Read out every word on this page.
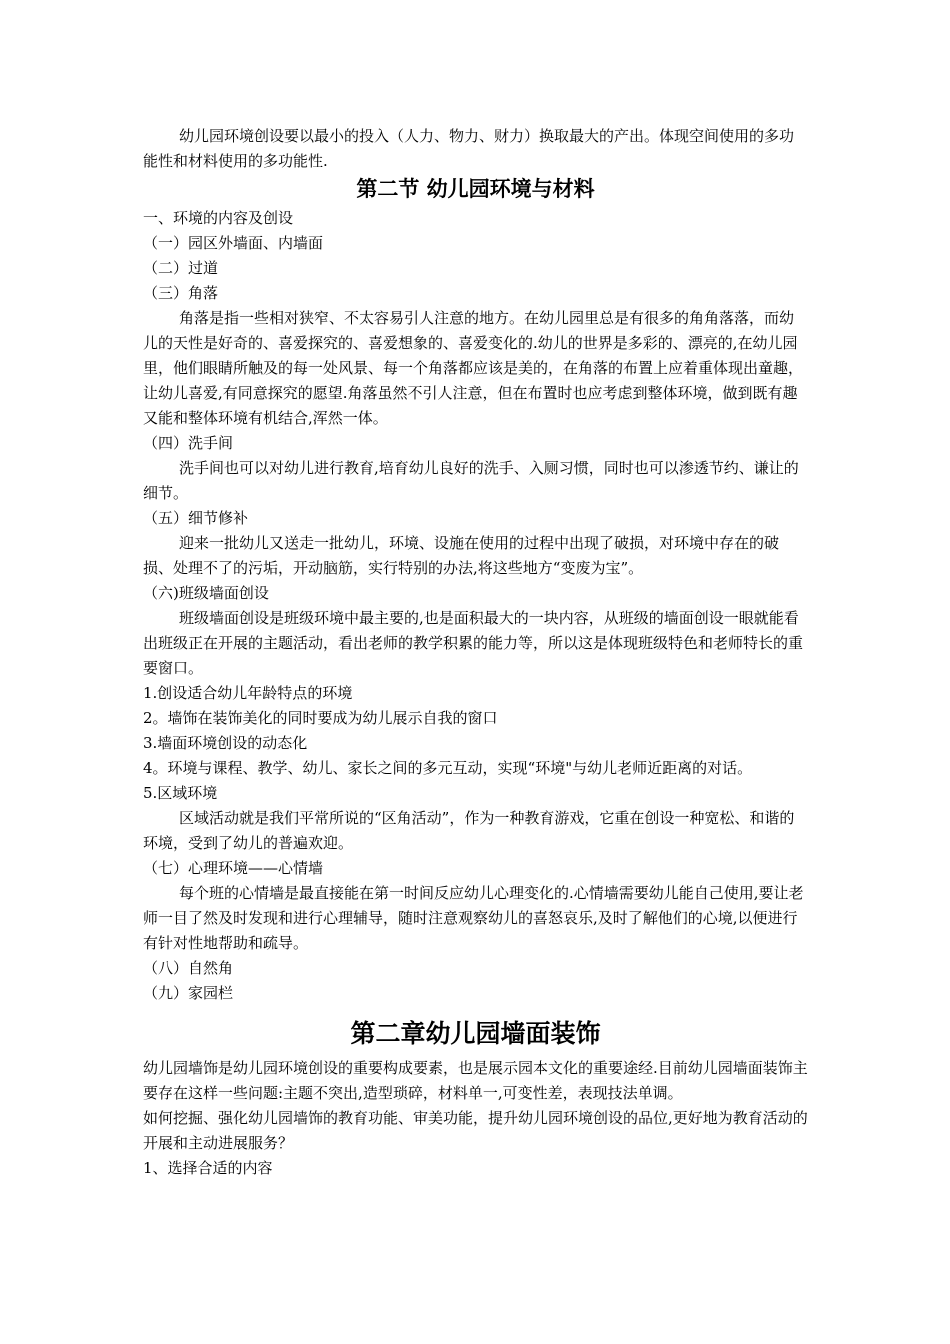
幼儿园环境创设要以最小的投入（人力、物力、财力）换取最大的产出。体现空间使用的多功能性和材料使用的多功能性.

第二节 幼儿园环境与材料

一、环境的内容及创设

（一）园区外墙面、内墙面

（二）过道

（三）角落

角落是指一些相对狭窄、不太容易引人注意的地方。在幼儿园里总是有很多的角角落落，而幼儿的天性是好奇的、喜爱探究的、喜爱想象的、喜爱变化的.幼儿的世界是多彩的、漂亮的,在幼儿园里，他们眼睛所触及的每一处风景、每一个角落都应该是美的，在角落的布置上应着重体现出童趣，让幼儿喜爱,有同意探究的愿望.角落虽然不引人注意，但在布置时也应考虑到整体环境，做到既有趣又能和整体环境有机结合,浑然一体。

（四）洗手间

洗手间也可以对幼儿进行教育,培育幼儿良好的洗手、入厕习惯，同时也可以渗透节约、谦让的细节。

（五）细节修补

迎来一批幼儿又送走一批幼儿，环境、设施在使用的过程中出现了破损，对环境中存在的破损、处理不了的污垢，开动脑筋，实行特别的办法,将这些地方“变废为宝”。

（六)班级墙面创设

班级墙面创设是班级环境中最主要的,也是面积最大的一块内容，从班级的墙面创设一眼就能看出班级正在开展的主题活动，看出老师的教学积累的能力等，所以这是体现班级特色和老师特长的重要窗口。

1.创设适合幼儿年龄特点的环境

2。墙饰在装饰美化的同时要成为幼儿展示自我的窗口

3.墙面环境创设的动态化

4。环境与课程、教学、幼儿、家长之间的多元互动，实现“环境"与幼儿老师近距离的对话。

5.区域环境

区域活动就是我们平常所说的“区角活动”，作为一种教育游戏，它重在创设一种宽松、和谐的环境，受到了幼儿的普遍欢迎。

（七）心理环境——心情墙

每个班的心情墙是最直接能在第一时间反应幼儿心理变化的.心情墙需要幼儿能自己使用,要让老师一目了然及时发现和进行心理辅导，随时注意观察幼儿的喜怒哀乐,及时了解他们的心境,以便进行有针对性地帮助和疏导。

（八）自然角

（九）家园栏

第二章幼儿园墙面装饰

幼儿园墙饰是幼儿园环境创设的重要构成要素，也是展示园本文化的重要途经.目前幼儿园墙面装饰主要存在这样一些问题:主题不突出,造型琐碎，材料单一,可变性差，表现技法单调。

如何挖掘、强化幼儿园墙饰的教育功能、审美功能，提升幼儿园环境创设的品位,更好地为教育活动的开展和主动进展服务？

1、选择合适的内容
